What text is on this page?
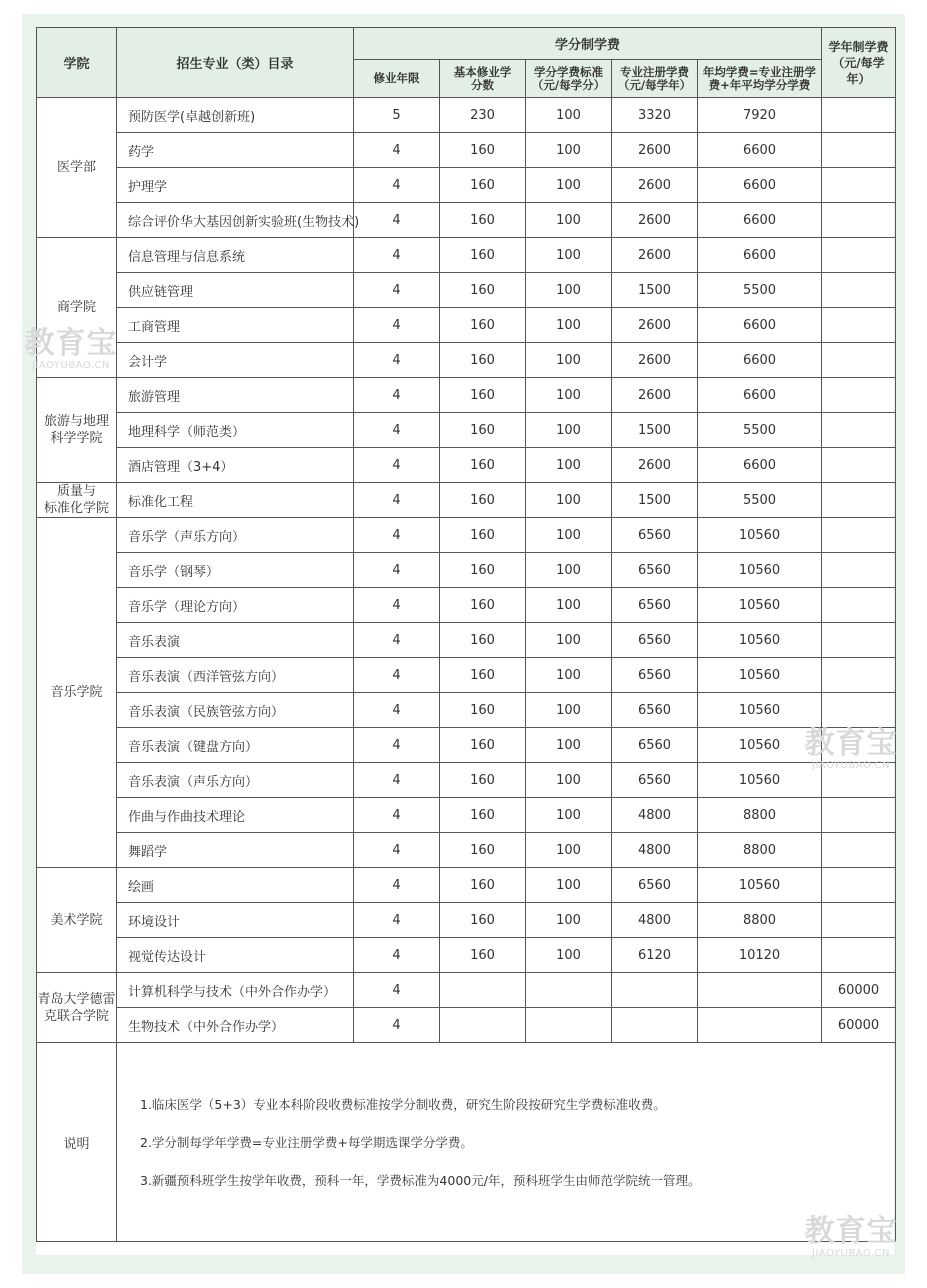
学院	招生专业（类）目录	学分制学费					学年制学费（元/每学年）
		修业年限	基本修业学分数	学分学费标准（元/每学分）	专业注册学费（元/每学年）	年均学费=专业注册学费+年平均学分学费	
医学部	预防医学(卓越创新班)	5	230	100	3320	7920	
	药学	4	160	100	2600	6600	
	护理学	4	160	100	2600	6600	
	综合评价华大基因创新实验班(生物技术)	4	160	100	2600	6600	
商学院	信息管理与信息系统	4	160	100	2600	6600	
	供应链管理	4	160	100	1500	5500	
	工商管理	4	160	100	2600	6600	
	会计学	4	160	100	2600	6600	
旅游与地理
科学学院	旅游管理	4	160	100	2600	6600	
	地理科学（师范类）	4	160	100	1500	5500	
	酒店管理（3+4）	4	160	100	2600	6600	
质量与
标准化学院	标准化工程	4	160	100	1500	5500	
音乐学院	音乐学（声乐方向）	4	160	100	6560	10560	
	音乐学（钢琴）	4	160	100	6560	10560	
	音乐学（理论方向）	4	160	100	6560	10560	
	音乐表演	4	160	100	6560	10560	
	音乐表演（西洋管弦方向）	4	160	100	6560	10560	
	音乐表演（民族管弦方向）	4	160	100	6560	10560	
	音乐表演（键盘方向）	4	160	100	6560	10560	
	音乐表演（声乐方向）	4	160	100	6560	10560	
	作曲与作曲技术理论	4	160	100	4800	8800	
	舞蹈学	4	160	100	4800	8800	
美术学院	绘画	4	160	100	6560	10560	
	环境设计	4	160	100	4800	8800	
	视觉传达设计	4	160	100	6120	10120	
青岛大学德雷
克联合学院	计算机科学与技术（中外合作办学）	4					60000
	生物技术（中外合作办学）	4					60000
说明	1.临床医学（5+3）专业本科阶段收费标准按学分制收费，研究生阶段按研究生学费标准收费。

2.学分制每学年学费=专业注册学费+每学期选课学分学费。

3.新疆预科班学生按学年收费，预科一年，学费标准为4000元/年，预科班学生由师范学院统一管理。						

教育宝
JIAOYUBAO.CN
教育宝
JIAOYUBAO.CN
教育宝
JIAOYUBAO.CN
